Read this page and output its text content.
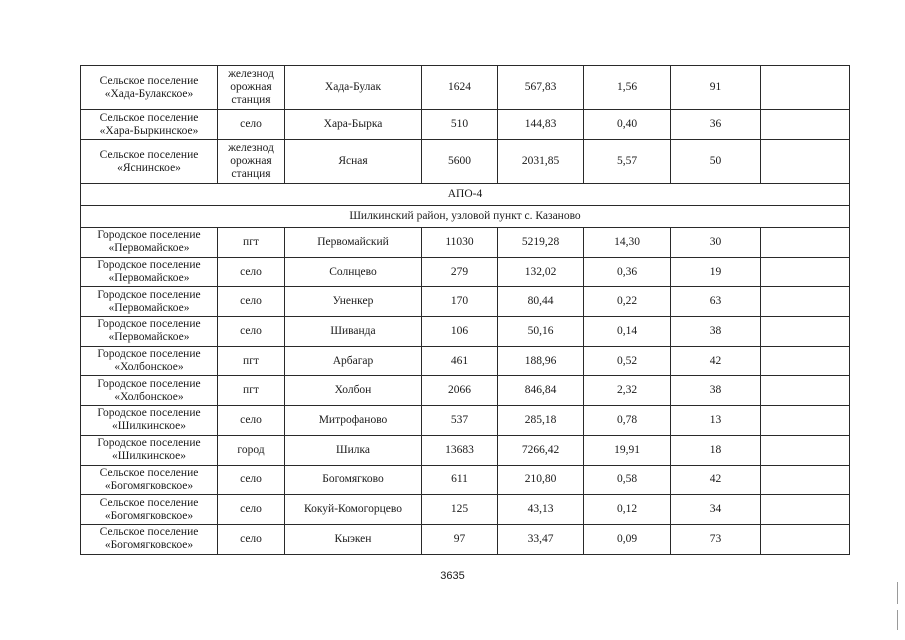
Сельское поселение «Хада-Булакское»	железнод орожная станция	Хада-Булак	1624	567,83	1,56	91	
Сельское поселение «Хара-Быркинское»	село	Хара-Бырка	510	144,83	0,40	36	
Сельское поселение «Яснинское»	железнод орожная станция	Ясная	5600	2031,85	5,57	50	
АПО-4							
Шилкинский район, узловой пункт с. Казаново							
Городское поселение «Первомайское»	пгт	Первомайский	11030	5219,28	14,30	30	
Городское поселение «Первомайское»	село	Солнцево	279	132,02	0,36	19	
Городское поселение «Первомайское»	село	Уненкер	170	80,44	0,22	63	
Городское поселение «Первомайское»	село	Шиванда	106	50,16	0,14	38	
Городское поселение «Холбонское»	пгт	Арбагар	461	188,96	0,52	42	
Городское поселение «Холбонское»	пгт	Холбон	2066	846,84	2,32	38	
Городское поселение «Шилкинское»	село	Митрофаново	537	285,18	0,78	13	
Городское поселение «Шилкинское»	город	Шилка	13683	7266,42	19,91	18	
Сельское поселение «Богомягковское»	село	Богомягково	611	210,80	0,58	42	
Сельское поселение «Богомягковское»	село	Кокуй-Комогорцево	125	43,13	0,12	34	
Сельское поселение «Богомягковское»	село	Кыэкен	97	33,47	0,09	73	
3635
